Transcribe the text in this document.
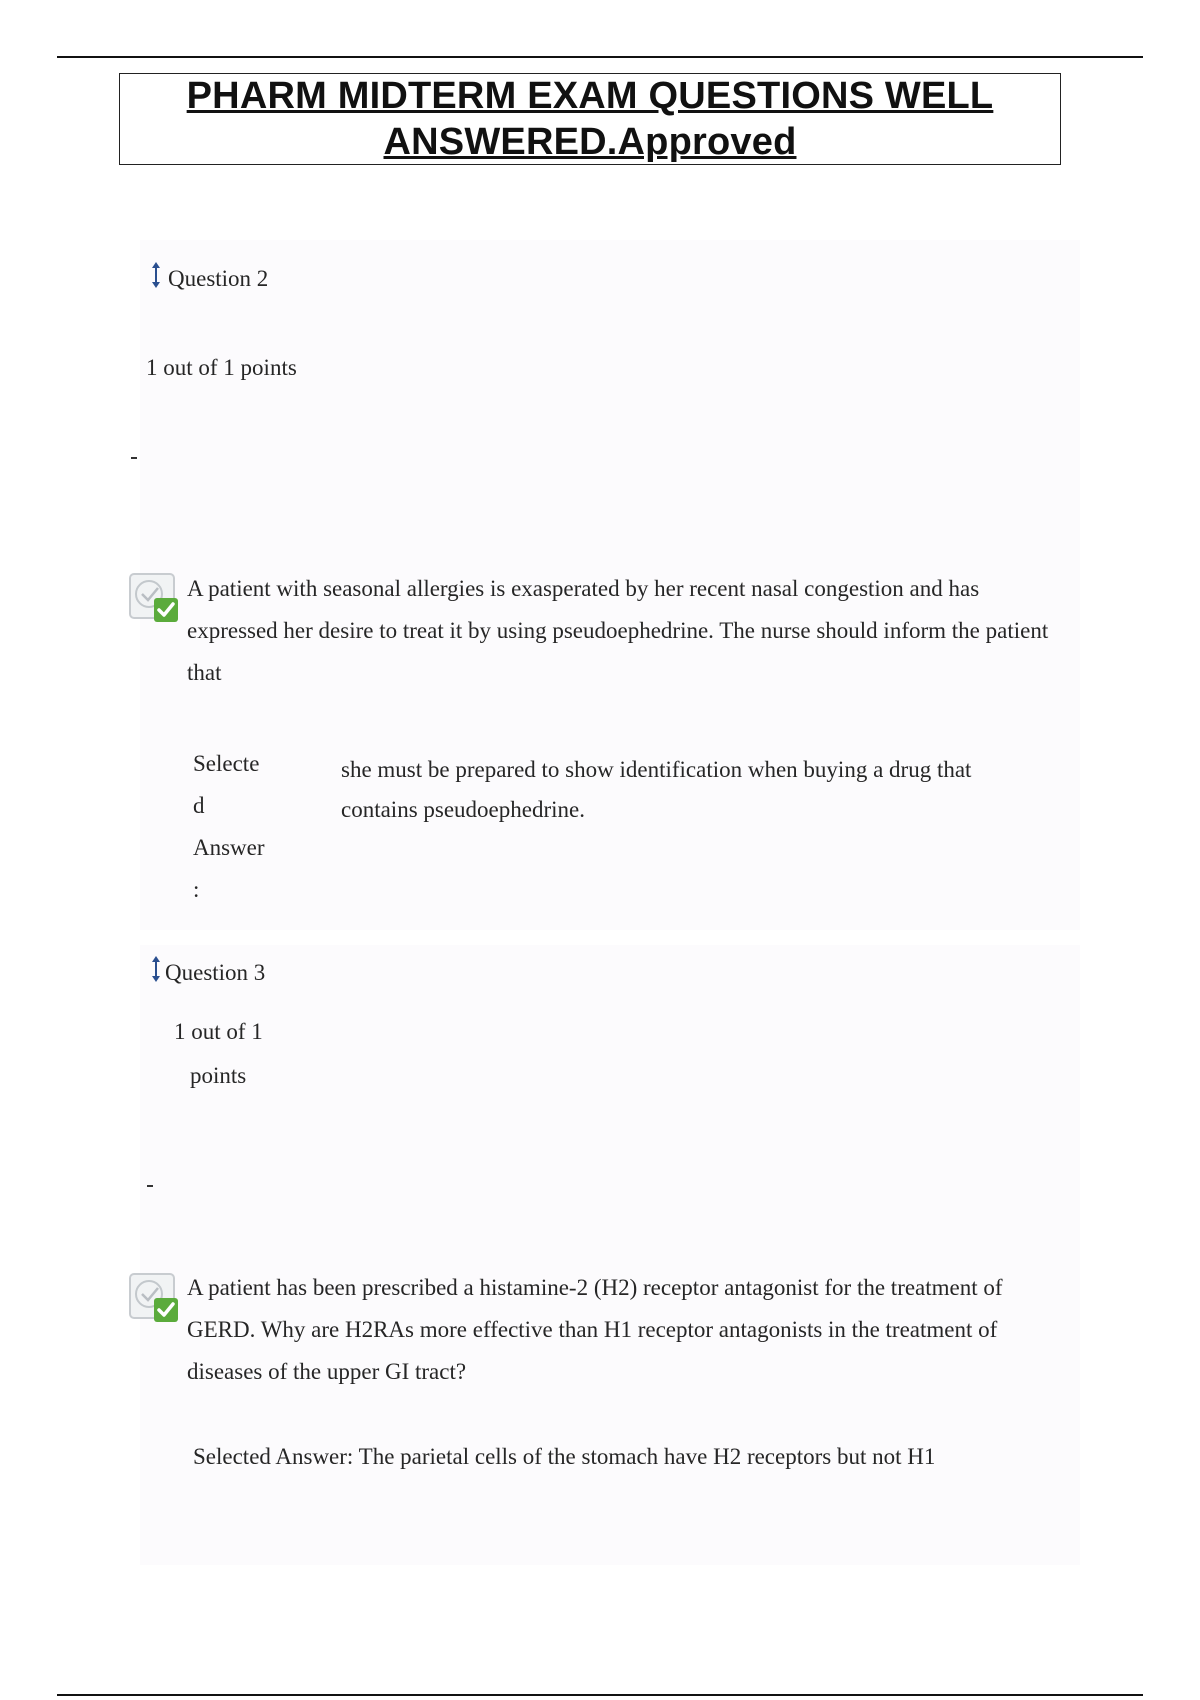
PHARM MIDTERM EXAM QUESTIONS WELL
ANSWERED.Approved
Question 2
1 out of 1 points
A patient with seasonal allergies is exasperated by her recent nasal congestion and has expressed her desire to treat it by using pseudoephedrine. The nurse should inform the patient that
Selecte
d
Answer
:
she must be prepared to show identification when buying a drug that contains pseudoephedrine.
Question 3
1 out of 1
points
A patient has been prescribed a histamine-2 (H2) receptor antagonist for the treatment of GERD. Why are H2RAs more effective than H1 receptor antagonists in the treatment of diseases of the upper GI tract?
Selected Answer: The parietal cells of the stomach have H2 receptors but not H1
